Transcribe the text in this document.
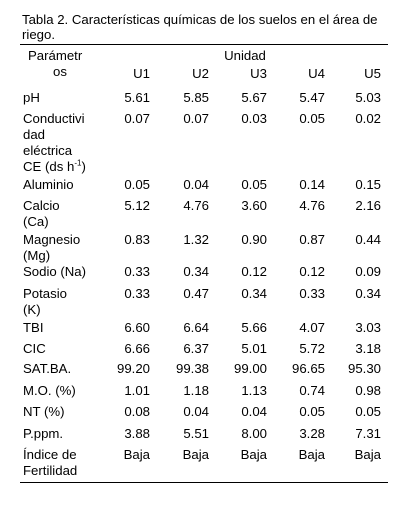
Tabla 2. Características químicas de los suelos en el área de riego.
Parámetr
os
Unidad
U1	U2	U3	U4	U5
pH	5.61	5.85	5.67	5.47	5.03
Conductivi
dad
eléctrica
CE (ds $h^{-1}$)
0.07	0.07	0.03	0.05	0.02
Aluminio	0.05	0.04	0.05	0.14	0.15
Calcio
(Ca)
5.12	4.76	3.60	4.76	2.16
Magnesio
(Mg)
0.83	1.32	0.90	0.87	0.44
Sodio (Na)	0.33	0.34	0.12	0.12	0.09
Potasio
(K)
0.33	0.47	0.34	0.33	0.34
TBI	6.60	6.64	5.66	4.07	3.03
CIC	6.66	6.37	5.01	5.72	3.18
SAT.BA.	99.20	99.38	99.00	96.65	95.30
M.O. (%)	1.01	1.18	1.13	0.74	0.98
NT (%)	0.08	0.04	0.04	0.05	0.05
P.ppm.	3.88	5.51	8.00	3.28	7.31
Índice de
Fertilidad
Baja	Baja	Baja	Baja	Baja
